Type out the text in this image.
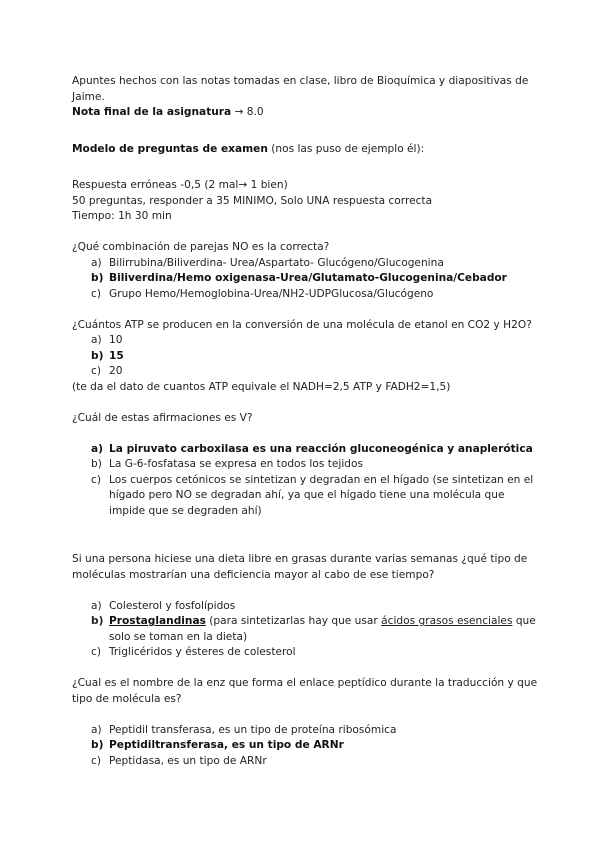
Apuntes hechos con las notas tomadas en clase, libro de Bioquímica y diapositivas de Jaime.

Nota final de la asignatura → 8.0

Modelo de preguntas de examen (nos las puso de ejemplo él):

Respuesta erróneas -0,5 (2 mal→ 1 bien)

50 preguntas, responder a 35 MINIMO, Solo UNA respuesta correcta

Tiempo: 1h 30 min

¿Qué combinación de parejas NO es la correcta?

a) Bilirrubina/Biliverdina- Urea/Aspartato- Glucógeno/Glucogenina
b) Biliverdina/Hemo oxigenasa-Urea/Glutamato-Glucogenina/Cebador
c) Grupo Hemo/Hemoglobina-Urea/NH2-UDPGlucosa/Glucógeno

¿Cuántos ATP se producen en la conversión de una molécula de etanol en CO2 y H2O?

a) 10
b) 15
c) 20

(te da el dato de cuantos ATP equivale el NADH=2,5 ATP y FADH2=1,5)

¿Cuál de estas afirmaciones es V?

a) La piruvato carboxilasa es una reacción gluconeogénica y anaplerótica
b) La G-6-fosfatasa se expresa en todos los tejidos
c) Los cuerpos cetónicos se sintetizan y degradan en el hígado (se sintetizan en el hígado pero NO se degradan ahí, ya que el hígado tiene una molécula que impide que se degraden ahí)

Si una persona hiciese una dieta libre en grasas durante varias semanas ¿qué tipo de moléculas mostrarían una deficiencia mayor al cabo de ese tiempo?

a) Colesterol y fosfolípidos
b) Prostaglandinas (para sintetizarlas hay que usar ácidos grasos esenciales que solo se toman en la dieta)
c) Triglicéridos y ésteres de colesterol

¿Cual es el nombre de la enz que forma el enlace peptídico durante la traducción y que tipo de molécula es?

a) Peptidil transferasa, es un tipo de proteína ribosómica
b) Peptidiltransferasa, es un tipo de ARNr
c) Peptidasa, es un tipo de ARNr
